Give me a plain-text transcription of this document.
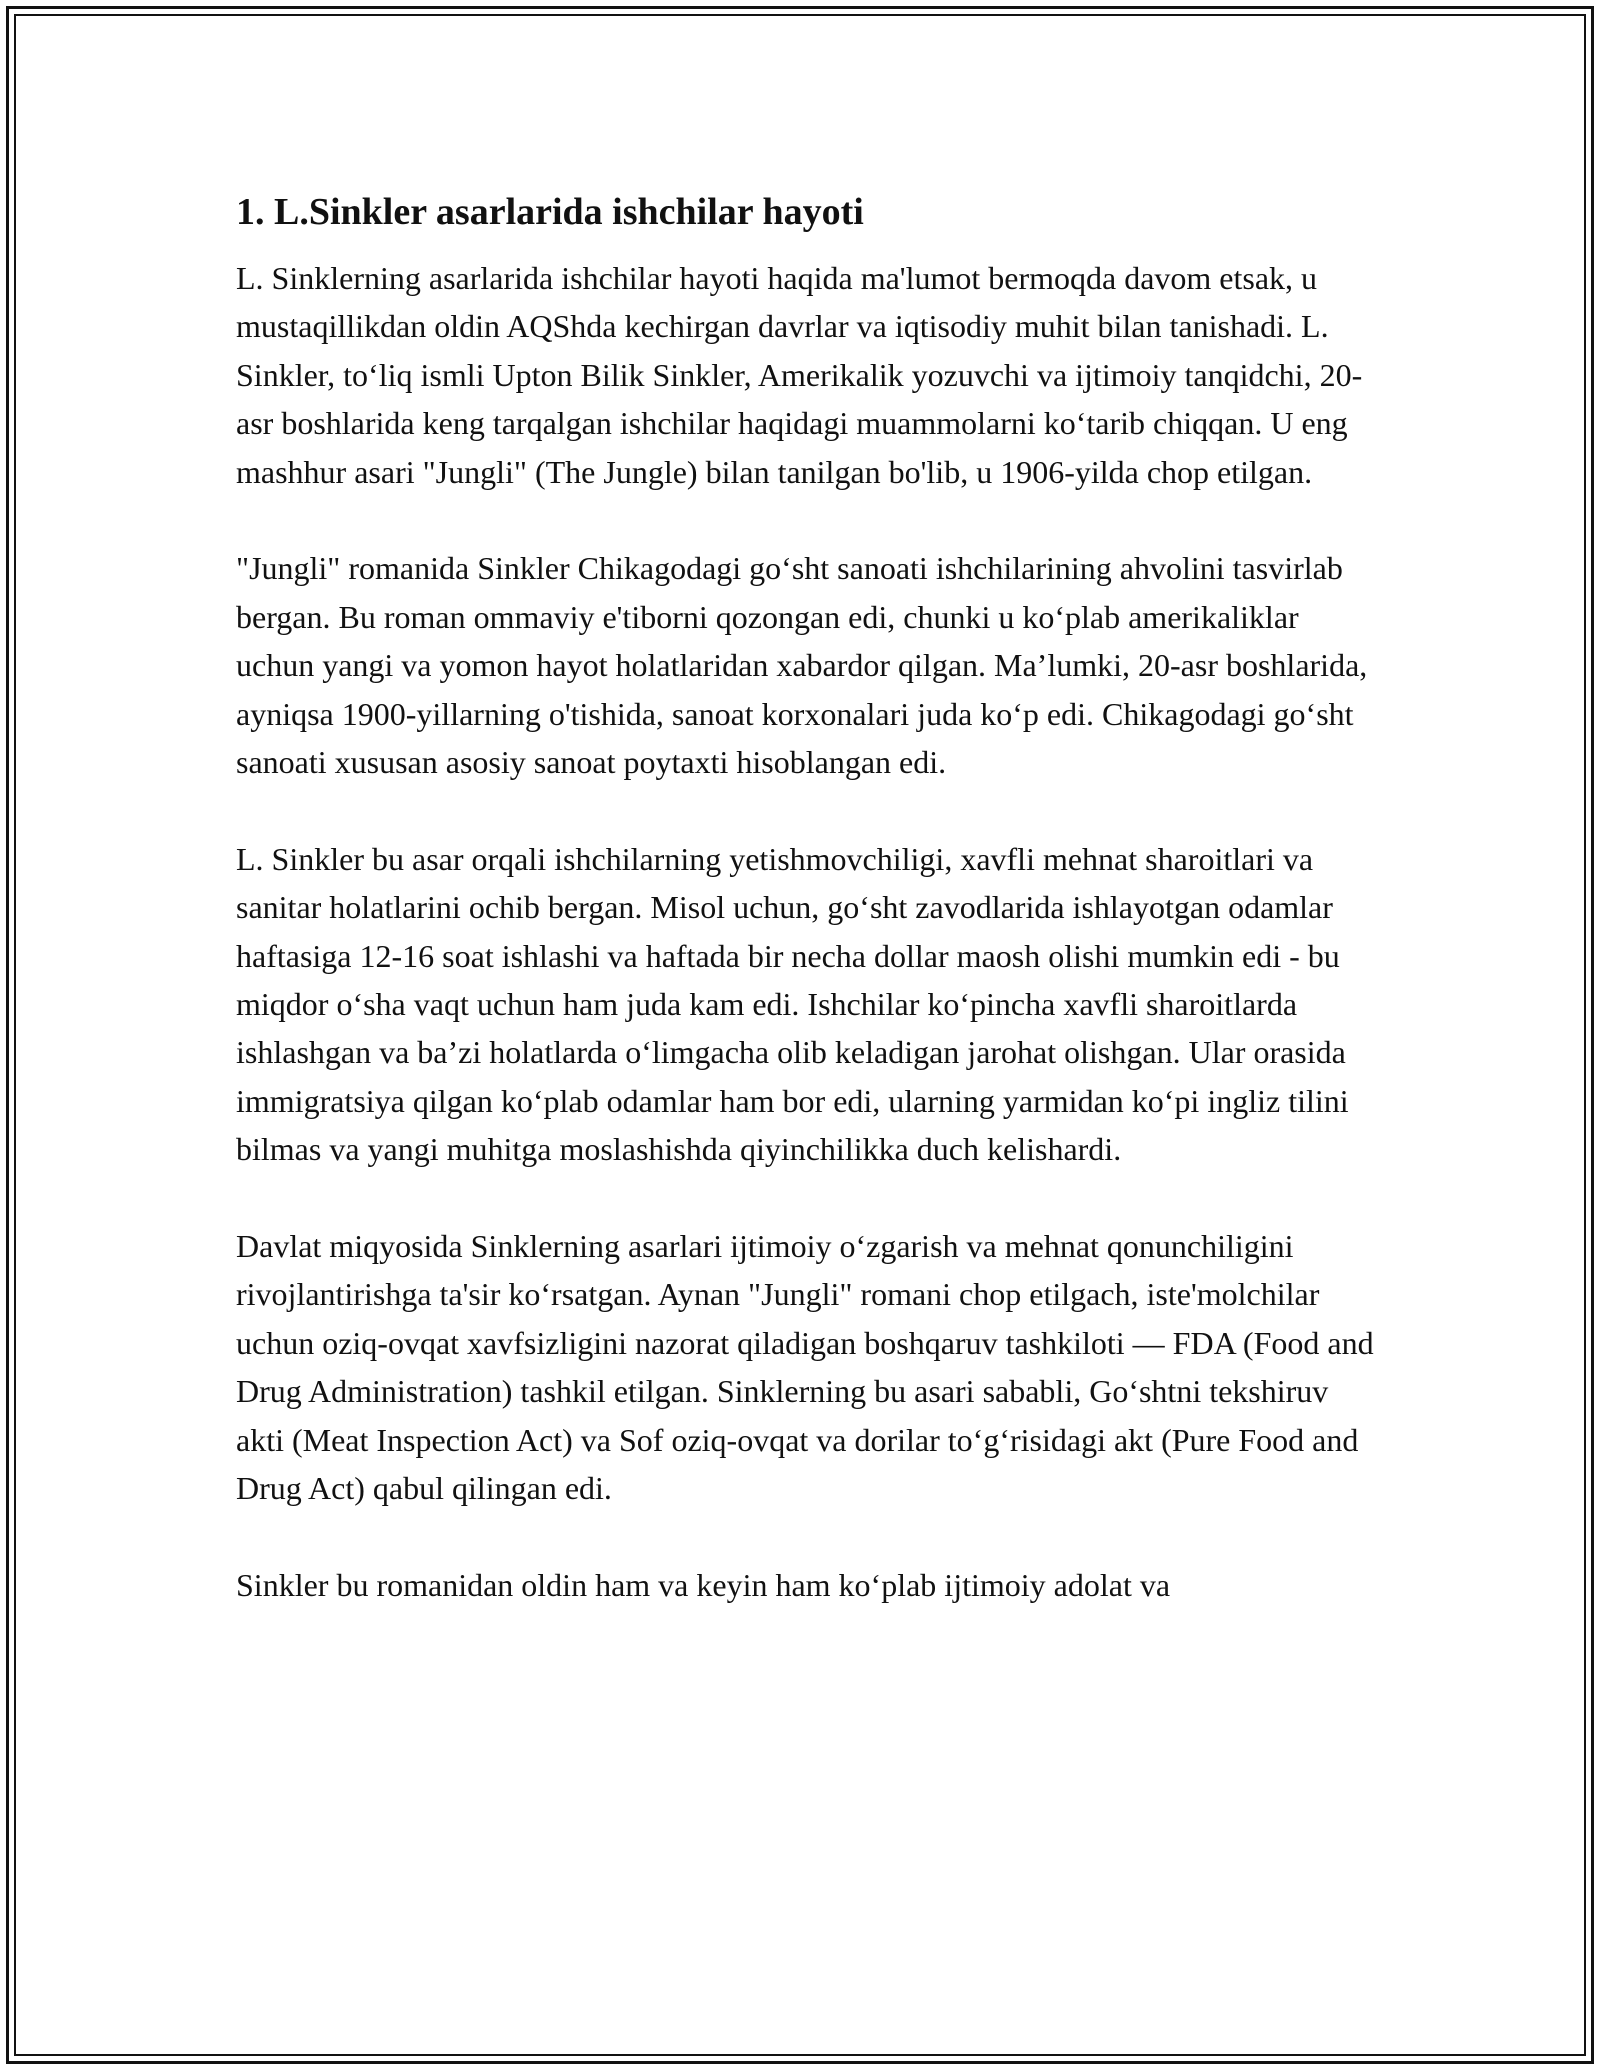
1. L.Sinkler asarlarida ishchilar hayoti

L. Sinklerning asarlarida ishchilar hayoti haqida ma'lumot bermoqda davom etsak, u mustaqillikdan oldin AQShda kechirgan davrlar va iqtisodiy muhit bilan tanishadi. L. Sinkler, to‘liq ismli Upton Bilik Sinkler, Amerikalik yozuvchi va ijtimoiy tanqidchi, 20-asr boshlarida keng tarqalgan ishchilar haqidagi muammolarni ko‘tarib chiqqan. U eng mashhur asari "Jungli" (The Jungle) bilan tanilgan bo'lib, u 1906-yilda chop etilgan.

"Jungli" romanida Sinkler Chikagodagi go‘sht sanoati ishchilarining ahvolini tasvirlab bergan. Bu roman ommaviy e'tiborni qozongan edi, chunki u ko‘plab amerikaliklar uchun yangi va yomon hayot holatlaridan xabardor qilgan. Ma’lumki, 20-asr boshlarida, ayniqsa 1900-yillarning o'tishida, sanoat korxonalari juda ko‘p edi. Chikagodagi go‘sht sanoati xususan asosiy sanoat poytaxti hisoblangan edi.

L. Sinkler bu asar orqali ishchilarning yetishmovchiligi, xavfli mehnat sharoitlari va sanitar holatlarini ochib bergan. Misol uchun, go‘sht zavodlarida ishlayotgan odamlar haftasiga 12-16 soat ishlashi va haftada bir necha dollar maosh olishi mumkin edi - bu miqdor o‘sha vaqt uchun ham juda kam edi. Ishchilar ko‘pincha xavfli sharoitlarda ishlashgan va ba’zi holatlarda o‘limgacha olib keladigan jarohat olishgan. Ular orasida immigratsiya qilgan ko‘plab odamlar ham bor edi, ularning yarmidan ko‘pi ingliz tilini bilmas va yangi muhitga moslashishda qiyinchilikka duch kelishardi.

Davlat miqyosida Sinklerning asarlari ijtimoiy o‘zgarish va mehnat qonunchiligini rivojlantirishga ta'sir ko‘rsatgan. Aynan "Jungli" romani chop etilgach, iste'molchilar uchun oziq-ovqat xavfsizligini nazorat qiladigan boshqaruv tashkiloti — FDA (Food and Drug Administration) tashkil etilgan. Sinklerning bu asari sababli, Go‘shtni tekshiruv akti (Meat Inspection Act) va Sof oziq-ovqat va dorilar to‘g‘risidagi akt (Pure Food and Drug Act) qabul qilingan edi.

Sinkler bu romanidan oldin ham va keyin ham ko‘plab ijtimoiy adolat va
